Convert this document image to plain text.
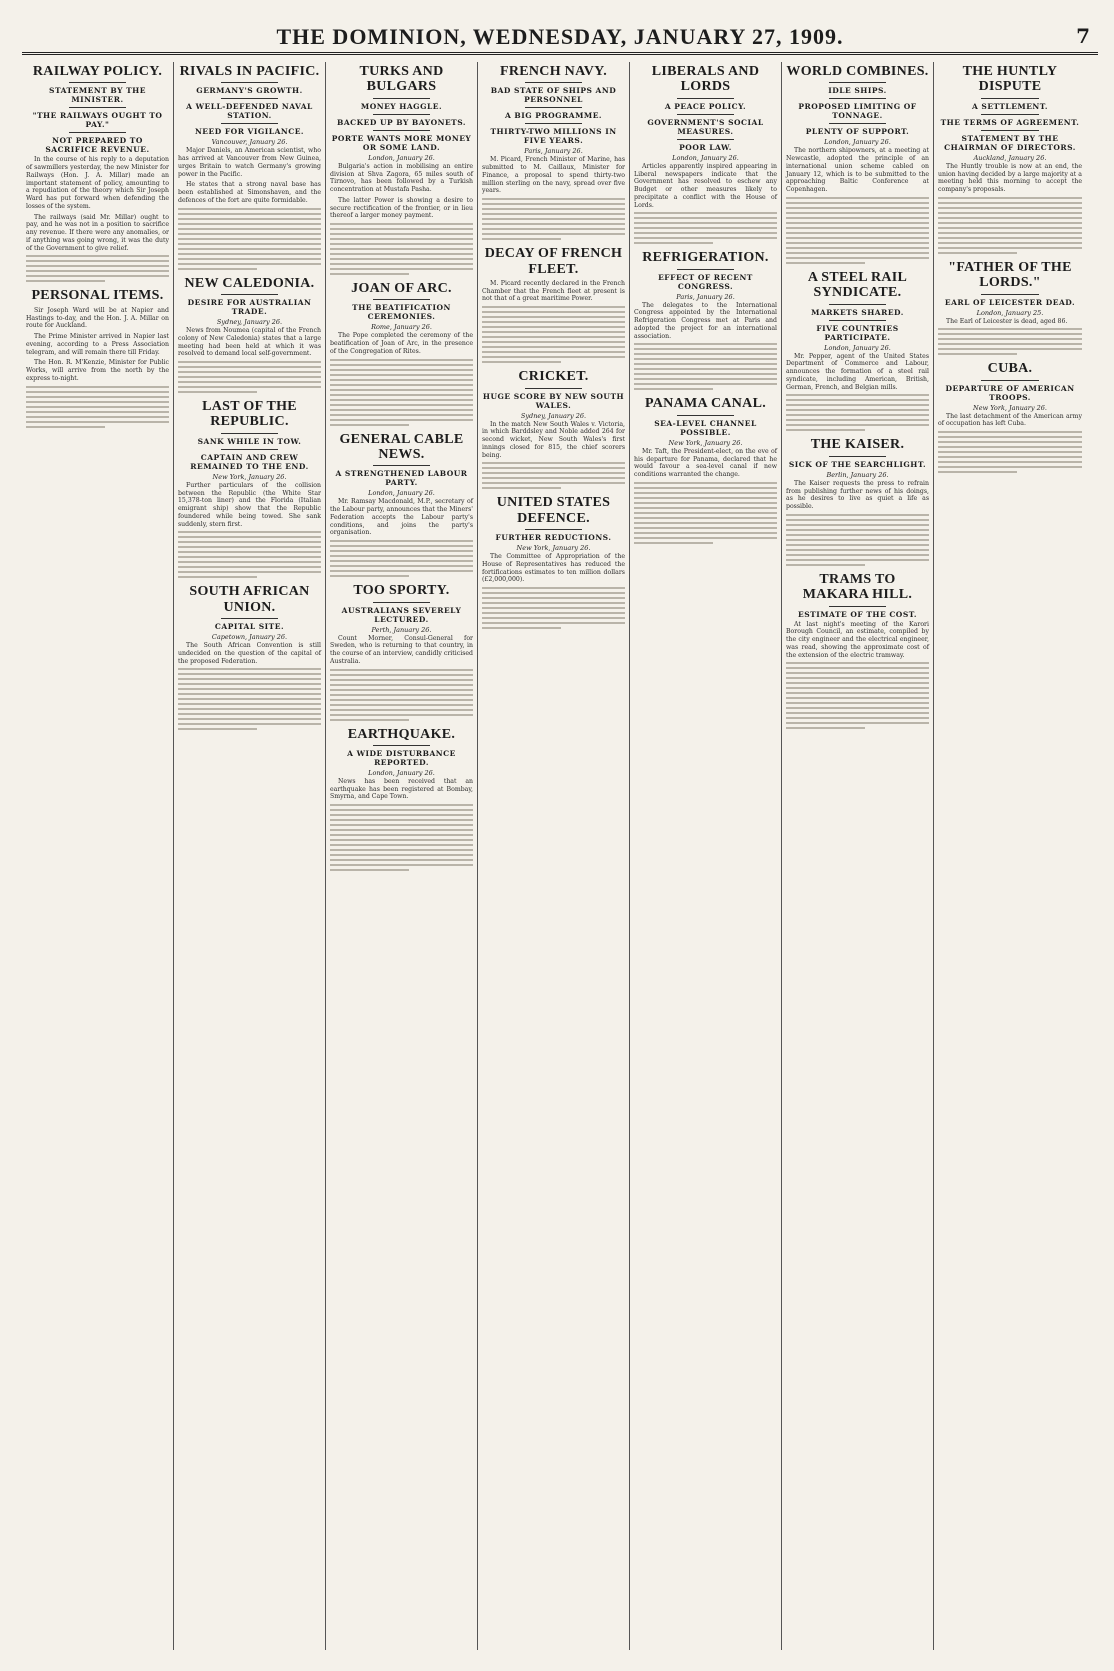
THE DOMINION, WEDNESDAY, JANUARY 27, 1909.	7
RAILWAY POLICY.
STATEMENT BY THE MINISTER.
"THE RAILWAYS OUGHT TO PAY."
NOT PREPARED TO SACRIFICE REVENUE.

In the course of his reply to a deputation of sawmillers yesterday, the new Minister for Railways (Hon. J. A. Millar) made an important statement of policy, amounting to a repudiation of the theory which Sir Joseph Ward has put forward when defending the losses of the system.

The railways (said Mr. Millar) ought to pay, and he was not in a position to sacrifice any revenue. If there were any anomalies, or if anything was going wrong, it was the duty of the Government to give relief.

PERSONAL ITEMS.

Sir Joseph Ward will be at Napier and Hastings to-day, and the Hon. J. A. Millar on route for Auckland.

The Prime Minister arrived in Napier last evening, according to a Press Association telegram, and will remain there till Friday.

The Hon. R. M'Kenzie, Minister for Public Works, will arrive from the north by the express to-night.

RIVALS IN PACIFIC.
GERMANY'S GROWTH.
A WELL-DEFENDED NAVAL STATION.
NEED FOR VIGILANCE.
Vancouver, January 26.

Major Daniels, an American scientist, who has arrived at Vancouver from New Guinea, urges Britain to watch Germany's growing power in the Pacific.

He states that a strong naval base has been established at Simonshaven, and the defences of the fort are quite formidable.

NEW CALEDONIA.
DESIRE FOR AUSTRALIAN TRADE.
Sydney, January 26.

News from Noumea (capital of the French colony of New Caledonia) states that a large meeting had been held at which it was resolved to demand local self-government.

LAST OF THE REPUBLIC.
SANK WHILE IN TOW.
CAPTAIN AND CREW REMAINED TO THE END.
New York, January 26.

Further particulars of the collision between the Republic (the White Star 15,378-ton liner) and the Florida (Italian emigrant ship) show that the Republic foundered while being towed. She sank suddenly, stern first.

SOUTH AFRICAN UNION.
CAPITAL SITE.
Capetown, January 26.

The South African Convention is still undecided on the question of the capital of the proposed Federation.

TURKS AND BULGARS
MONEY HAGGLE.
BACKED UP BY BAYONETS.
PORTE WANTS MORE MONEY OR SOME LAND.
London, January 26.

Bulgaria's action in mobilising an entire division at Shva Zagora, 65 miles south of Tirnovo, has been followed by a Turkish concentration at Mustafa Pasha.

The latter Power is showing a desire to secure rectification of the frontier, or in lieu thereof a larger money payment.

JOAN OF ARC.
THE BEATIFICATION CEREMONIES.
Rome, January 26.

The Pope completed the ceremony of the beatification of Joan of Arc, in the presence of the Congregation of Rites.

GENERAL CABLE NEWS.
A STRENGTHENED LABOUR PARTY.
London, January 26.

Mr. Ramsay Macdonald, M.P., secretary of the Labour party, announces that the Miners' Federation accepts the Labour party's conditions, and joins the party's organisation.

TOO SPORTY.
AUSTRALIANS SEVERELY LECTURED.
Perth, January 26.

Count Morner, Consul-General for Sweden, who is returning to that country, in the course of an interview, candidly criticised Australia.

EARTHQUAKE.
A WIDE DISTURBANCE REPORTED.
London, January 26.

News has been received that an earthquake has been registered at Bombay, Smyrna, and Cape Town.

FRENCH NAVY.
BAD STATE OF SHIPS AND PERSONNEL
A BIG PROGRAMME.
THIRTY-TWO MILLIONS IN FIVE YEARS.
Paris, January 26.

M. Picard, French Minister of Marine, has submitted to M. Caillaux, Minister for Finance, a proposal to spend thirty-two million sterling on the navy, spread over five years.

DECAY OF FRENCH FLEET.

M. Picard recently declared in the French Chamber that the French fleet at present is not that of a great maritime Power.

CRICKET.
HUGE SCORE BY NEW SOUTH WALES.
Sydney, January 26.

In the match New South Wales v. Victoria, in which Barddsley and Noble added 264 for second wicket, New South Wales's first innings closed for 815, the chief scorers being.

UNITED STATES DEFENCE.
FURTHER REDUCTIONS.
New York, January 26.

The Committee of Appropriation of the House of Representatives has reduced the fortifications estimates to ten million dollars (£2,000,000).

LIBERALS AND LORDS
A PEACE POLICY.
GOVERNMENT'S SOCIAL MEASURES.
POOR LAW.
London, January 26.

Articles apparently inspired appearing in Liberal newspapers indicate that the Government has resolved to eschew any Budget or other measures likely to precipitate a conflict with the House of Lords.

REFRIGERATION.
EFFECT OF RECENT CONGRESS.
Paris, January 26.

The delegates to the International Congress appointed by the International Refrigeration Congress met at Paris and adopted the project for an international association.

PANAMA CANAL.
SEA-LEVEL CHANNEL POSSIBLE.
New York, January 26.

Mr. Taft, the President-elect, on the eve of his departure for Panama, declared that he would favour a sea-level canal if new conditions warranted the change.

WORLD COMBINES.
IDLE SHIPS.
PROPOSED LIMITING OF TONNAGE.
PLENTY OF SUPPORT.
London, January 26.

The northern shipowners, at a meeting at Newcastle, adopted the principle of an international union scheme cabled on January 12, which is to be submitted to the approaching Baltic Conference at Copenhagen.

A STEEL RAIL SYNDICATE.
MARKETS SHARED.
FIVE COUNTRIES PARTICIPATE.
London, January 26.

Mr. Pepper, agent of the United States Department of Commerce and Labour, announces the formation of a steel rail syndicate, including American, British, German, French, and Belgian mills.

THE KAISER.
SICK OF THE SEARCHLIGHT.
Berlin, January 26.

The Kaiser requests the press to refrain from publishing further news of his doings, as he desires to live as quiet a life as possible.

TRAMS TO MAKARA HILL.
ESTIMATE OF THE COST.

At last night's meeting of the Karori Borough Council, an estimate, compiled by the city engineer and the electrical engineer, was read, showing the approximate cost of the extension of the electric tramway.

THE HUNTLY DISPUTE
A SETTLEMENT.
THE TERMS OF AGREEMENT.
STATEMENT BY THE CHAIRMAN OF DIRECTORS.
Auckland, January 26.

The Huntly trouble is now at an end, the union having decided by a large majority at a meeting held this morning to accept the company's proposals.

"FATHER OF THE LORDS."
EARL OF LEICESTER DEAD.
London, January 25.

The Earl of Leicester is dead, aged 86.

CUBA.
DEPARTURE OF AMERICAN TROOPS.
New York, January 26.

The last detachment of the American army of occupation has left Cuba.
